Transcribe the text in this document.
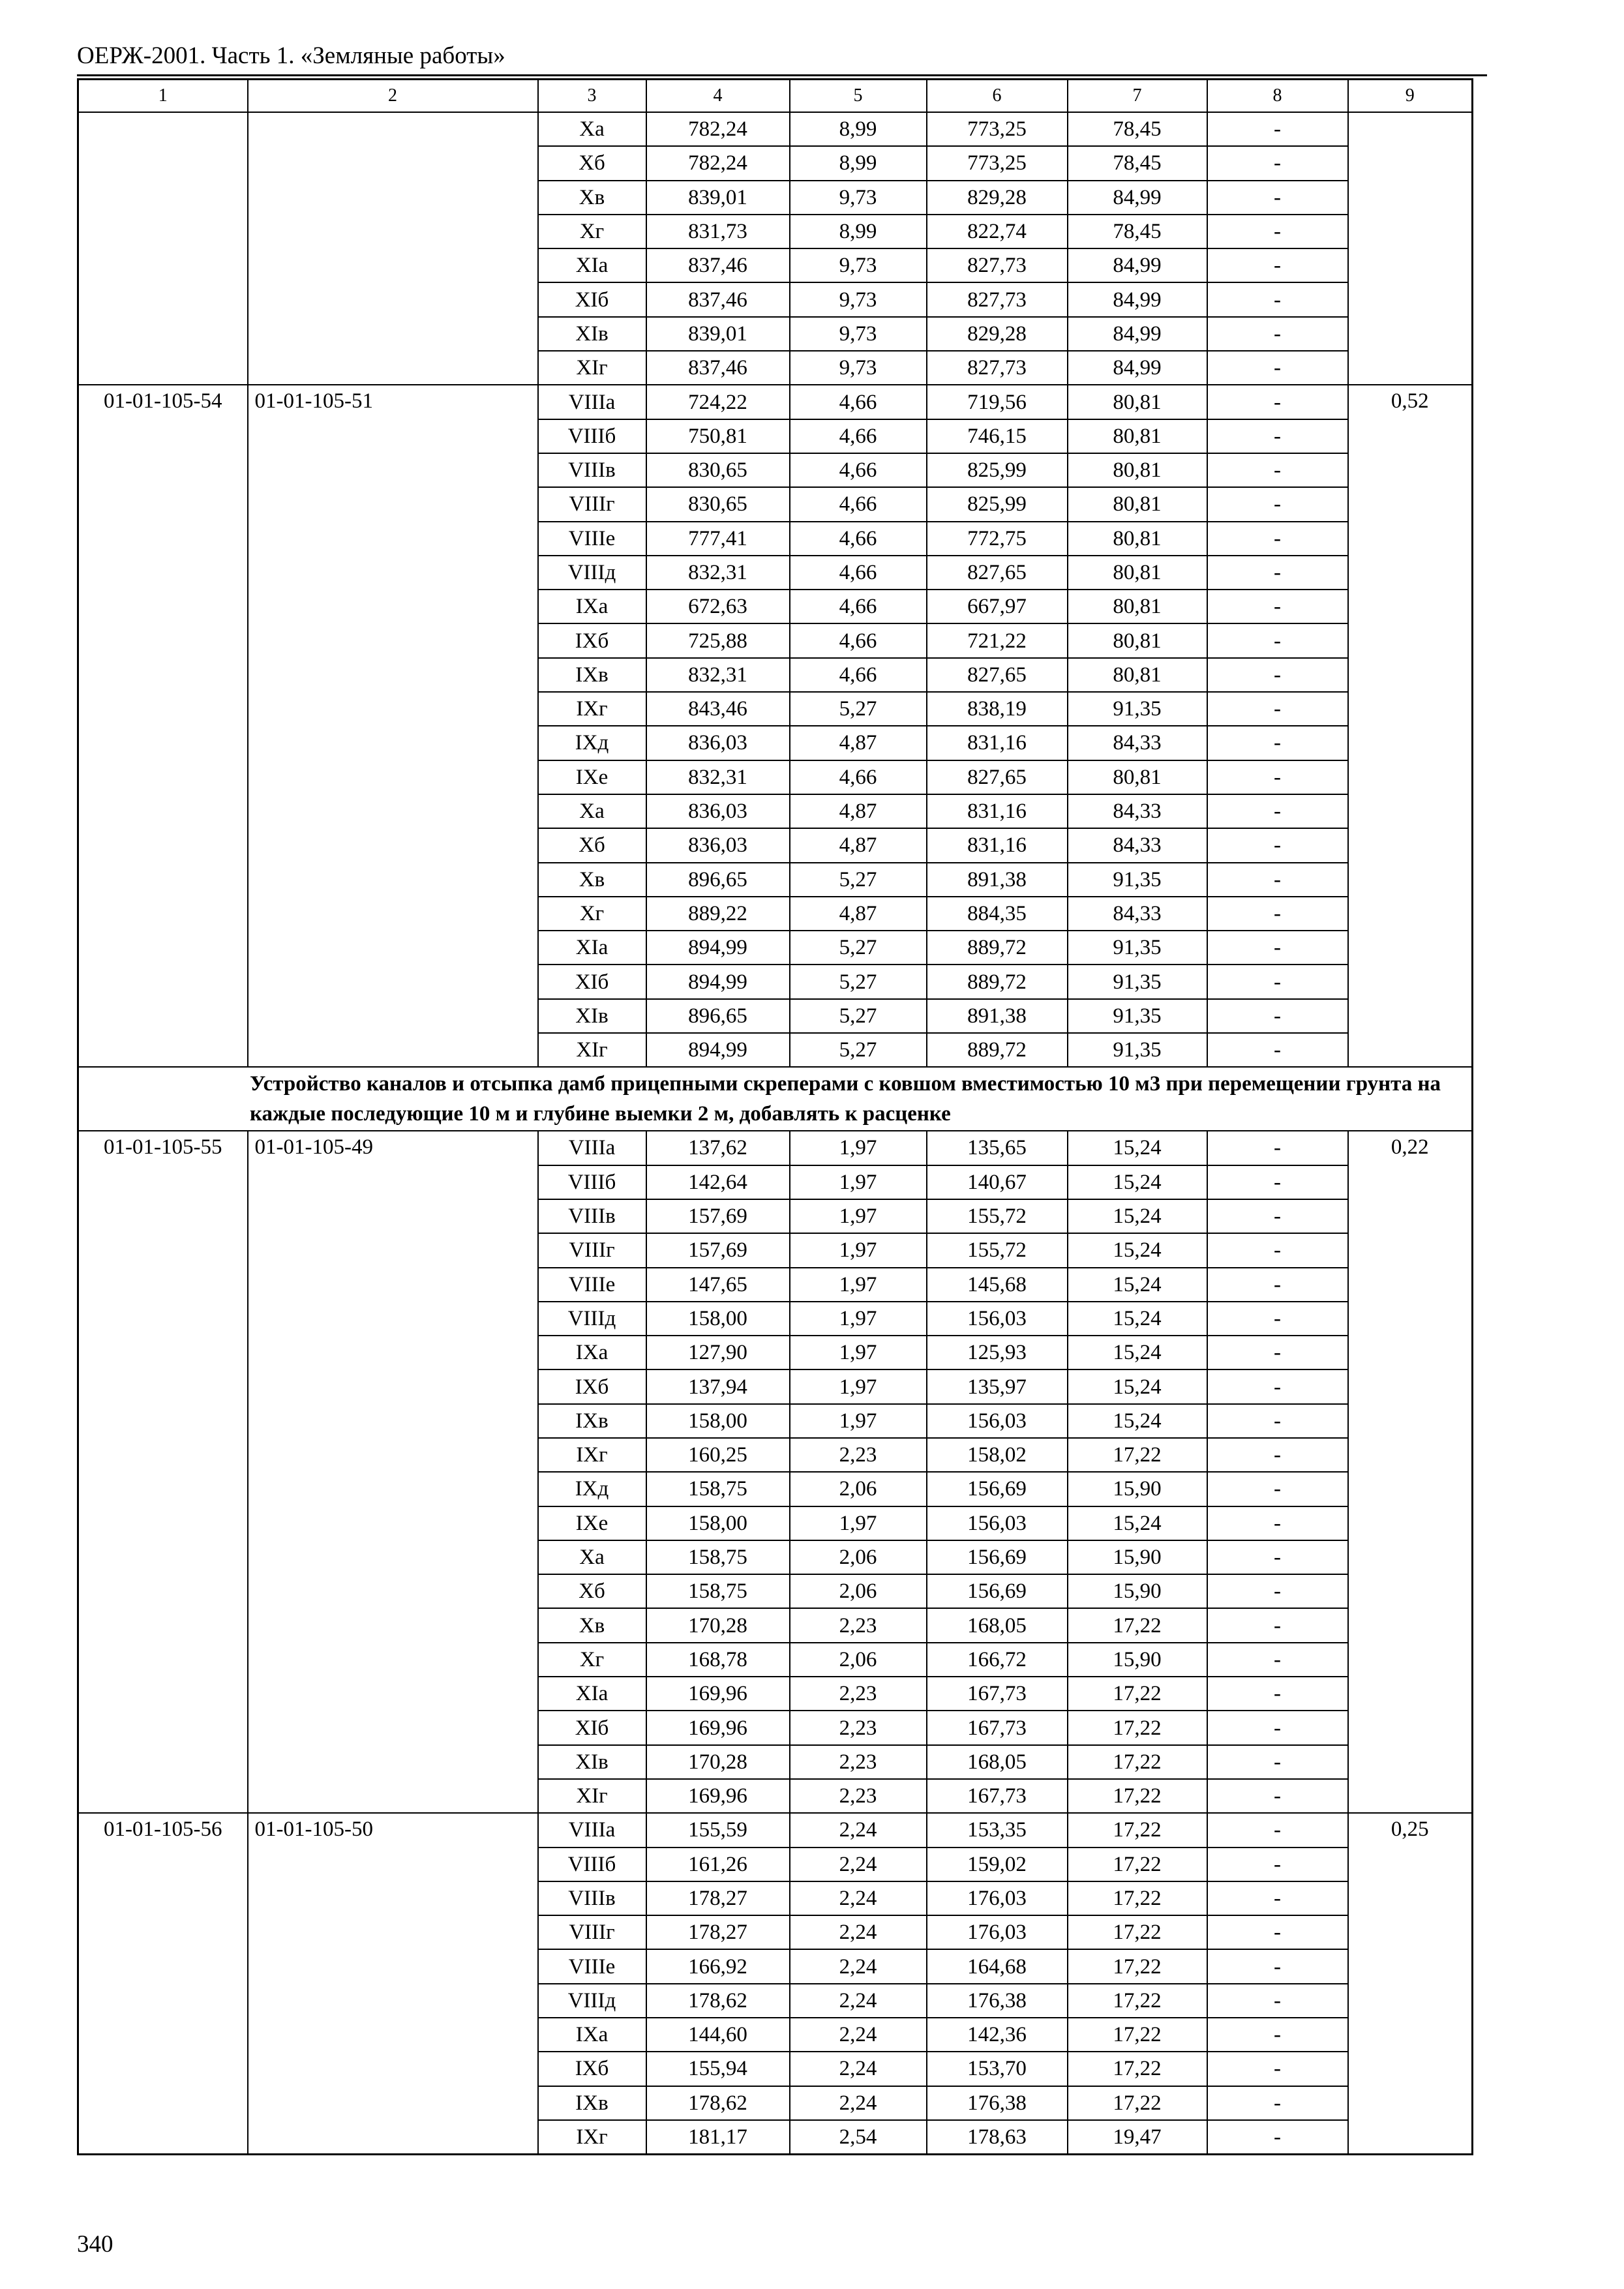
ОЕРЖ-2001. Часть 1. «Земляные работы»
1	2	3	4	5	6	7	8	9
		Xa	782,24	8,99	773,25	78,45	-	
		Xб	782,24	8,99	773,25	78,45	-	
		Xв	839,01	9,73	829,28	84,99	-	
		Xг	831,73	8,99	822,74	78,45	-	
		XIa	837,46	9,73	827,73	84,99	-	
		XIб	837,46	9,73	827,73	84,99	-	
		XIв	839,01	9,73	829,28	84,99	-	
		XIг	837,46	9,73	827,73	84,99	-	
01-01-105-54	01-01-105-51	VIIIa	724,22	4,66	719,56	80,81	-	0,52
		VIIIб	750,81	4,66	746,15	80,81	-	
		VIIIв	830,65	4,66	825,99	80,81	-	
		VIIIг	830,65	4,66	825,99	80,81	-	
		VIIIe	777,41	4,66	772,75	80,81	-	
		VIIIд	832,31	4,66	827,65	80,81	-	
		IXa	672,63	4,66	667,97	80,81	-	
		IXб	725,88	4,66	721,22	80,81	-	
		IXв	832,31	4,66	827,65	80,81	-	
		IXг	843,46	5,27	838,19	91,35	-	
		IXд	836,03	4,87	831,16	84,33	-	
		IXe	832,31	4,66	827,65	80,81	-	
		Xa	836,03	4,87	831,16	84,33	-	
		Xб	836,03	4,87	831,16	84,33	-	
		Xв	896,65	5,27	891,38	91,35	-	
		Xг	889,22	4,87	884,35	84,33	-	
		XIa	894,99	5,27	889,72	91,35	-	
		XIб	894,99	5,27	889,72	91,35	-	
		XIв	896,65	5,27	891,38	91,35	-	
		XIг	894,99	5,27	889,72	91,35	-	
Устройство каналов и отсыпка дамб прицепными скреперами с ковшом вместимостью 10 м3 при перемещении грунта на каждые последующие 10 м и глубине выемки 2 м, добавлять к расценке								
01-01-105-55	01-01-105-49	VIIIa	137,62	1,97	135,65	15,24	-	0,22
		VIIIб	142,64	1,97	140,67	15,24	-	
		VIIIв	157,69	1,97	155,72	15,24	-	
		VIIIг	157,69	1,97	155,72	15,24	-	
		VIIIe	147,65	1,97	145,68	15,24	-	
		VIIIд	158,00	1,97	156,03	15,24	-	
		IXa	127,90	1,97	125,93	15,24	-	
		IXб	137,94	1,97	135,97	15,24	-	
		IXв	158,00	1,97	156,03	15,24	-	
		IXг	160,25	2,23	158,02	17,22	-	
		IXд	158,75	2,06	156,69	15,90	-	
		IXe	158,00	1,97	156,03	15,24	-	
		Xa	158,75	2,06	156,69	15,90	-	
		Xб	158,75	2,06	156,69	15,90	-	
		Xв	170,28	2,23	168,05	17,22	-	
		Xг	168,78	2,06	166,72	15,90	-	
		XIa	169,96	2,23	167,73	17,22	-	
		XIб	169,96	2,23	167,73	17,22	-	
		XIв	170,28	2,23	168,05	17,22	-	
		XIг	169,96	2,23	167,73	17,22	-	
01-01-105-56	01-01-105-50	VIIIa	155,59	2,24	153,35	17,22	-	0,25
		VIIIб	161,26	2,24	159,02	17,22	-	
		VIIIв	178,27	2,24	176,03	17,22	-	
		VIIIг	178,27	2,24	176,03	17,22	-	
		VIIIe	166,92	2,24	164,68	17,22	-	
		VIIIд	178,62	2,24	176,38	17,22	-	
		IXa	144,60	2,24	142,36	17,22	-	
		IXб	155,94	2,24	153,70	17,22	-	
		IXв	178,62	2,24	176,38	17,22	-	
		IXг	181,17	2,54	178,63	19,47	-	
340
